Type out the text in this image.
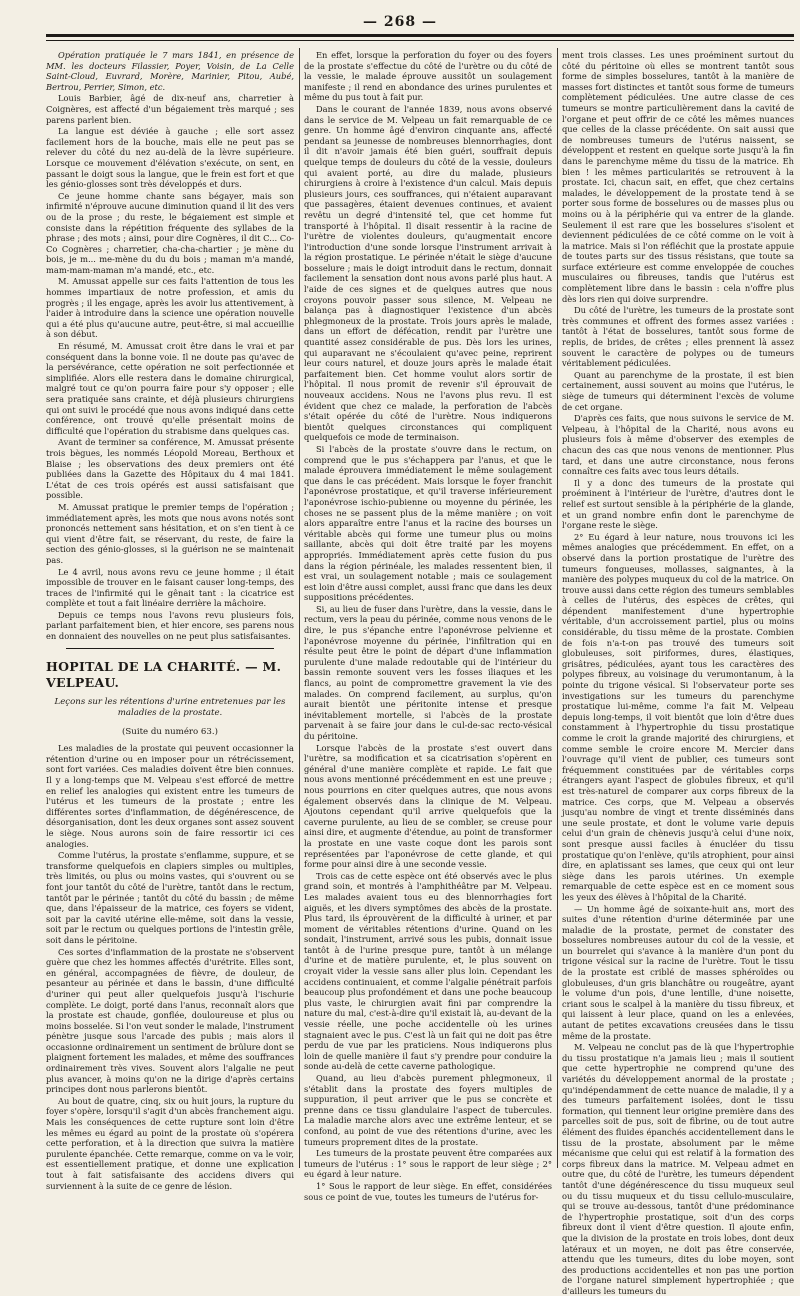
— 268 —

Opération pratiquée le 7 mars 1841, en présence de MM. les docteurs Filassier, Poyer, Voisin, de La Celle Saint-Cloud, Euvrard, Morère, Marinier, Pitou, Aubé, Bertrou, Perrier, Simon, etc.

Louis Barbier, âgé de dix-neuf ans, charretier à Coignères, est affecté d'un bégaiement très marqué ; ses parens parlent bien.

La langue est déviée à gauche ; elle sort assez facilement hors de la bouche, mais elle ne peut pas se relever du côté du nez au-delà de la lèvre supérieure. Lorsque ce mouvement d'élévation s'exécute, on sent, en passant le doigt sous la langue, que le frein est fort et que les génio-glosses sont très développés et durs.

Ce jeune homme chante sans bégayer, mais son infirmité n'éprouve aucune diminution quand il lit des vers ou de la prose ; du reste, le bégaiement est simple et consiste dans la répétition fréquente des syllabes de la phrase ; des mots ; ainsi, pour dire Cognères, il dit C... Co-Co Cognères ; charretier, cha-cha-chartier ; je mène du bois, je m... me-mène du du du bois ; maman m'a mandé, mam-mam-maman m'a mandé, etc., etc.

M. Amussat appelle sur ces faits l'attention de tous les hommes impartiaux de notre profession, et amis du progrès ; il les engage, après les avoir lus attentivement, à l'aider à introduire dans la science une opération nouvelle qui a été plus qu'aucune autre, peut-être, si mal accueillie à son début.

En résumé, M. Amussat croit être dans le vrai et par conséquent dans la bonne voie. Il ne doute pas qu'avec de la persévérance, cette opération ne soit perfectionnée et simplifiée. Alors elle restera dans le domaine chirurgical, malgré tout ce qu'on pourra faire pour s'y opposer ; elle sera pratiquée sans crainte, et déjà plusieurs chirurgiens qui ont suivi le procédé que nous avons indiqué dans cette conférence, ont trouvé qu'elle présentait moins de difficulté que l'opération du strabisme dans quelques cas.

Avant de terminer sa conférence, M. Amussat présente trois bègues, les nommés Léopold Moreau, Berthoux et Blaise ; les observations des deux premiers ont été publiées dans la Gazette des Hôpitaux du 4 mai 1841. L'état de ces trois opérés est aussi satisfaisant que possible.

M. Amussat pratique le premier temps de l'opération ; immédiatement après, les mots que nous avons notés sont prononcés nettement sans hésitation, et on s'en tient à ce qui vient d'être fait, se réservant, du reste, de faire la section des génio-glosses, si la guérison ne se maintenait pas.

Le 4 avril, nous avons revu ce jeune homme ; il était impossible de trouver en le faisant causer long-temps, des traces de l'infirmité qui le gênait tant : la cicatrice est complète et tout a fait linéaire derrière la mâchoire.

Depuis ce temps nous l'avons revu plusieurs fois, parlant parfaitement bien, et hier encore, ses parens nous en donnaient des nouvelles on ne peut plus satisfaisantes.

HOPITAL DE LA CHARITÉ. — M. VELPEAU.
Leçons sur les rétentions d'urine entretenues par les maladies de la prostate.
(Suite du numéro 63.)

Les maladies de la prostate qui peuvent occasionner la rétention d'urine ou en imposer pour un rétrécissement, sont fort variées. Ces maladies doivent être bien connues. Il y a long-temps que M. Velpeau s'est efforcé de mettre en relief les analogies qui existent entre les tumeurs de l'utérus et les tumeurs de la prostate ; entre les différentes sortes d'inflammation, de dégénérescence, de désorganisation, dont les deux organes sont assez souvent le siège. Nous aurons soin de faire ressortir ici ces analogies.

Comme l'utérus, la prostate s'enflamme, suppure, et se transforme quelquefois en clapiers simples ou multiples, très limités, ou plus ou moins vastes, qui s'ouvrent ou se font jour tantôt du côté de l'urètre, tantôt dans le rectum, tantôt par le périnée ; tantôt du côté du bassin ; de même que, dans l'épaisseur de la matrice, ces foyers se vident, soit par la cavité utérine elle-même, soit dans la vessie, soit par le rectum ou quelques portions de l'intestin grêle, soit dans le péritoine.

Ces sortes d'inflammation de la prostate ne s'observent guère que chez les hommes affectés d'urétrite. Elles sont, en général, accompagnées de fièvre, de douleur, de pesanteur au périnée et dans le bassin, d'une difficulté d'uriner qui peut aller quelquefois jusqu'à l'ischurie complète. Le doigt, porté dans l'anus, reconnaît alors que la prostate est chaude, gonflée, douloureuse et plus ou moins bosselée. Si l'on veut sonder le malade, l'instrument pénètre jusque sous l'arcade des pubis ; mais alors il occasionne ordinairement un sentiment de brûlure dont se plaignent fortement les malades, et même des souffrances ordinairement très vives. Souvent alors l'algalie ne peut plus avancer, à moins qu'on ne la dirige d'après certains principes dont nous parlerons bientôt.

Au bout de quatre, cinq, six ou huit jours, la rupture du foyer s'opère, lorsqu'il s'agit d'un abcès franchement aigu. Mais les conséquences de cette rupture sont loin d'être les mêmes eu égard au point de la prostate où s'opérera cette perforation, et à la direction que suivra la matière purulente épanchée. Cette remarque, comme on va le voir, est essentiellement pratique, et donne une explication tout à fait satisfaisante des accidens divers qui surviennent à la suite de ce genre de lésion.

En effet, lorsque la perforation du foyer ou des foyers de la prostate s'effectue du côté de l'urètre ou du côté de la vessie, le malade éprouve aussitôt un soulagement manifeste ; il rend en abondance des urines purulentes et même du pus tout à fait pur.

Dans le courant de l'année 1839, nous avons observé dans le service de M. Velpeau un fait remarquable de ce genre. Un homme âgé d'environ cinquante ans, affecté pendant sa jeunesse de nombreuses blennorrhagies, dont il dit n'avoir jamais été bien guéri, souffrait depuis quelque temps de douleurs du côté de la vessie, douleurs qui avaient porté, au dire du malade, plusieurs chirurgiens à croire à l'existence d'un calcul. Mais depuis plusieurs jours, ces souffrances, qui n'étaient auparavant que passagères, étaient devenues continues, et avaient revêtu un degré d'intensité tel, que cet homme fut transporté à l'hôpital. Il disait ressentir à la racine de l'urètre de violentes douleurs, qu'augmentait encore l'introduction d'une sonde lorsque l'instrument arrivait à la région prostatique. Le périnée n'était le siège d'aucune bosselure ; mais le doigt introduit dans le rectum, donnait facilement la sensation dont nous avons parlé plus haut. A l'aide de ces signes et de quelques autres que nous croyons pouvoir passer sous silence, M. Velpeau ne balança pas à diagnostiquer l'existence d'un abcès phlegmoneux de la prostate. Trois jours après le malade, dans un effort de défécation, rendit par l'urètre une quantité assez considérable de pus. Dès lors les urines, qui auparavant ne s'écoulaient qu'avec peine, reprirent leur cours naturel, et douze jours après le malade était parfaitement bien. Cet homme voulut alors sortir de l'hôpital. Il nous promit de revenir s'il éprouvait de nouveaux accidens. Nous ne l'avons plus revu. Il est évident que chez ce malade, la perforation de l'abcès s'était opérée du côté de l'urètre. Nous indiquerons bientôt quelques circonstances qui compliquent quelquefois ce mode de terminaison.

Si l'abcès de la prostate s'ouvre dans le rectum, on comprend que le pus s'échappera par l'anus, et que le malade éprouvera immédiatement le même soulagement que dans le cas précédent. Mais lorsque le foyer franchit l'aponévrose prostatique, et qu'il traverse inférieurement l'aponévrose ischio-pubienne ou moyenne du périnée, les choses ne se passent plus de la même manière ; on voit alors apparaître entre l'anus et la racine des bourses un véritable abcès qui forme une tumeur plus ou moins saillante, abcès qui doit être traité par les moyens appropriés. Immédiatement après cette fusion du pus dans la région périnéale, les malades ressentent bien, il est vrai, un soulagement notable ; mais ce soulagement est loin d'être aussi complet, aussi franc que dans les deux suppositions précédentes.

Si, au lieu de fuser dans l'urètre, dans la vessie, dans le rectum, vers la peau du périnée, comme nous venons de le dire, le pus s'épanche entre l'aponévrose pelvienne et l'aponévrose moyenne du périnée, l'infiltration qui en résulte peut être le point de départ d'une inflammation purulente d'une malade redoutable qui de l'intérieur du bassin remonte souvent vers les fosses iliaques et les flancs, au point de compromettre gravement la vie des malades. On comprend facilement, au surplus, qu'on aurait bientôt une péritonite intense et presque inévitablement mortelle, si l'abcès de la prostate parvenait à se faire jour dans le cul-de-sac recto-vésical du péritoine.

Lorsque l'abcès de la prostate s'est ouvert dans l'urètre, sa modification et sa cicatrisation s'opèrent en général d'une manière complète et rapide. Le fait que nous avons mentionné précédemment en est une preuve ; nous pourrions en citer quelques autres, que nous avons également observés dans la clinique de M. Velpeau. Ajoutons cependant qu'il arrive quelquefois que la caverne purulente, au lieu de se combler, se creuse pour ainsi dire, et augmente d'étendue, au point de transformer la prostate en une vaste coque dont les parois sont représentées par l'aponévrose de cette glande, et qui forme pour ainsi dire à une seconde vessie.

Trois cas de cette espèce ont été observés avec le plus grand soin, et montrés à l'amphithéâtre par M. Velpeau. Les malades avaient tous eu des blennorrhagies fort aiguës, et les divers symptômes des abcès de la prostate. Plus tard, ils éprouvèrent de la difficulté à uriner, et par moment de véritables rétentions d'urine. Quand on les sondait, l'instrument, arrivé sous les pubis, donnait issue tantôt à de l'urine presque pure, tantôt à un mélange d'urine et de matière purulente, et, le plus souvent on croyait vider la vessie sans aller plus loin. Cependant les accidens continuaient, et comme l'algalie pénétrait parfois beaucoup plus profondément et dans une poche beaucoup plus vaste, le chirurgien avait fini par comprendre la nature du mal, c'est-à-dire qu'il existait là, au-devant de la vessie réelle, une poche accidentelle où les urines stagnaient avec le pus. C'est là un fait qui ne doit pas être perdu de vue par les praticiens. Nous indiquerons plus loin de quelle manière il faut s'y prendre pour conduire la sonde au-delà de cette caverne pathologique.

Quand, au lieu d'abcès purement phlegmoneux, il s'établit dans la prostate des foyers multiples de suppuration, il peut arriver que le pus se concrète et prenne dans ce tissu glandulaire l'aspect de tubercules. La maladie marche alors avec une extrême lenteur, et se confond, au point de vue des rétentions d'urine, avec les tumeurs proprement dites de la prostate.

Les tumeurs de la prostate peuvent être comparées aux tumeurs de l'utérus : 1° sous le rapport de leur siège ; 2° eu égard à leur nature.

1° Sous le rapport de leur siège. En effet, considérées sous ce point de vue, toutes les tumeurs de l'utérus for-

ment trois classes. Les unes proéminent surtout du côté du péritoine où elles se montrent tantôt sous forme de simples bosselures, tantôt à la manière de masses fort distinctes et tantôt sous forme de tumeurs complètement pédiculées. Une autre classe de ces tumeurs se montre particulièrement dans la cavité de l'organe et peut offrir de ce côté les mêmes nuances que celles de la classe précédente. On sait aussi que de nombreuses tumeurs de l'utérus naissent, se développent et restent en quelque sorte jusqu'à la fin dans le parenchyme même du tissu de la matrice. Eh bien ! les mêmes particularités se retrouvent à la prostate. Ici, chacun sait, en effet, que chez certains malades, le développement de la prostate tend à se porter sous forme de bosselures ou de masses plus ou moins ou à la périphérie qui va entrer de la glande. Seulement il est rare que les bosselures s'isolent et deviennent pédiculées de ce côté comme on le voit à la matrice. Mais si l'on réfléchit que la prostate appuie de toutes parts sur des tissus résistans, que toute sa surface extérieure est comme enveloppée de couches musculaires ou fibreuses, tandis que l'utérus est complètement libre dans le bassin : cela n'offre plus dès lors rien qui doive surprendre.

Du côté de l'urètre, les tumeurs de la prostate sont très communes et offrent des formes assez variées : tantôt à l'état de bosselures, tantôt sous forme de replis, de brides, de crêtes ; elles prennent là assez souvent le caractère de polypes ou de tumeurs véritablement pédiculées.

Quant au parenchyme de la prostate, il est bien certainement, aussi souvent au moins que l'utérus, le siège de tumeurs qui déterminent l'excès de volume de cet organe.

D'après ces faits, que nous suivons le service de M. Velpeau, à l'hôpital de la Charité, nous avons eu plusieurs fois à même d'observer des exemples de chacun des cas que nous venons de mentionner. Plus tard, et dans une autre circonstance, nous ferons connaître ces faits avec tous leurs détails.

Il y a donc des tumeurs de la prostate qui proéminent à l'intérieur de l'urètre, d'autres dont le relief est surtout sensible à la périphérie de la glande, et un grand nombre enfin dont le parenchyme de l'organe reste le siège.

2° Eu égard à leur nature, nous trouvons ici les mêmes analogies que précédemment. En effet, on a observé dans la portion prostatique de l'urètre des tumeurs fongueuses, mollasses, saignantes, à la manière des polypes muqueux du col de la matrice. On trouve aussi dans cette région des tumeurs semblables à celles de l'utérus, des espèces de crêtes, qui dépendent manifestement d'une hypertrophie véritable, d'un accroissement partiel, plus ou moins considérable, du tissu même de la prostate. Combien de fois n'a-t-on pas trouvé des tumeurs soit globuleuses, soit piriformes, dures, élastiques, grisâtres, pédiculées, ayant tous les caractères des polypes fibreux, au voisinage du verumontanum, à la pointe du trigone vésical. Si l'observateur porte ses investigations sur les tumeurs du parenchyme prostatique lui-même, comme l'a fait M. Velpeau depuis long-temps, il voit bientôt que loin d'être dues constamment à l'hypertrophie du tissu prostatique comme le croit la grande majorité des chirurgiens, et comme semble le croire encore M. Mercier dans l'ouvrage qu'il vient de publier, ces tumeurs sont fréquemment constituées par de véritables corps étrangers ayant l'aspect de globules fibreux, et qu'il est très-naturel de comparer aux corps fibreux de la matrice. Ces corps, que M. Velpeau a observés jusqu'au nombre de vingt et trente disséminés dans une seule prostate, et dont le volume varie depuis celui d'un grain de chènevis jusqu'à celui d'une noix, sont presque aussi faciles à énucléer du tissu prostatique qu'on l'enlève, qu'ils atrophient, pour ainsi dire, en aplatissant ses lames, que ceux qui ont leur siège dans les parois utérines. Un exemple remarquable de cette espèce est en ce moment sous les yeux des élèves à l'hôpital de la Charité.

— Un homme âgé de soixante-huit ans, mort des suites d'une rétention d'urine déterminée par une maladie de la prostate, permet de constater des bosselures nombreuses autour du col de la vessie, et un bourrelet qui s'avance à la manière d'un pont du trigone vésical sur la racine de l'urètre. Tout le tissu de la prostate est criblé de masses sphéroïdes ou globuleuses, d'un gris blanchâtre ou rougeâtre, ayant le volume d'un pois, d'une lentille, d'une noisette, criant sous le scalpel à la manière du tissu fibreux, et qui laissent à leur place, quand on les a enlevées, autant de petites excavations creusées dans le tissu même de la prostate.

M. Velpeau ne conclut pas de là que l'hypertrophie du tissu prostatique n'a jamais lieu ; mais il soutient que cette hypertrophie ne comprend qu'une des variétés du développement anormal de la prostate ; qu'indépendamment de cette nuance de maladie, il y a des tumeurs parfaitement isolées, dont le tissu formation, qui tiennent leur origine première dans des parcelles soit de pus, soit de fibrine, ou de tout autre élément des fluides épanchés accidentellement dans le tissu de la prostate, absolument par le même mécanisme que celui qui est relatif à la formation des corps fibreux dans la matrice. M. Velpeau admet en outre que, du côté de l'urètre, les tumeurs dépendent tantôt d'une dégénérescence du tissu muqueux seul ou du tissu muqueux et du tissu cellulo-musculaire, qui se trouve au-dessous, tantôt d'une prédominance de l'hypertrophie prostatique, soit d'un des corps fibreux dont il vient d'être question. Il ajoute enfin, que la division de la prostate en trois lobes, dont deux latéraux et un moyen, ne doit pas être conservée, attendu que les tumeurs, dites du lobe moyen, sont des productions accidentelles et non pas une portion de l'organe naturel simplement hypertrophiée ; que d'ailleurs les tumeurs du
